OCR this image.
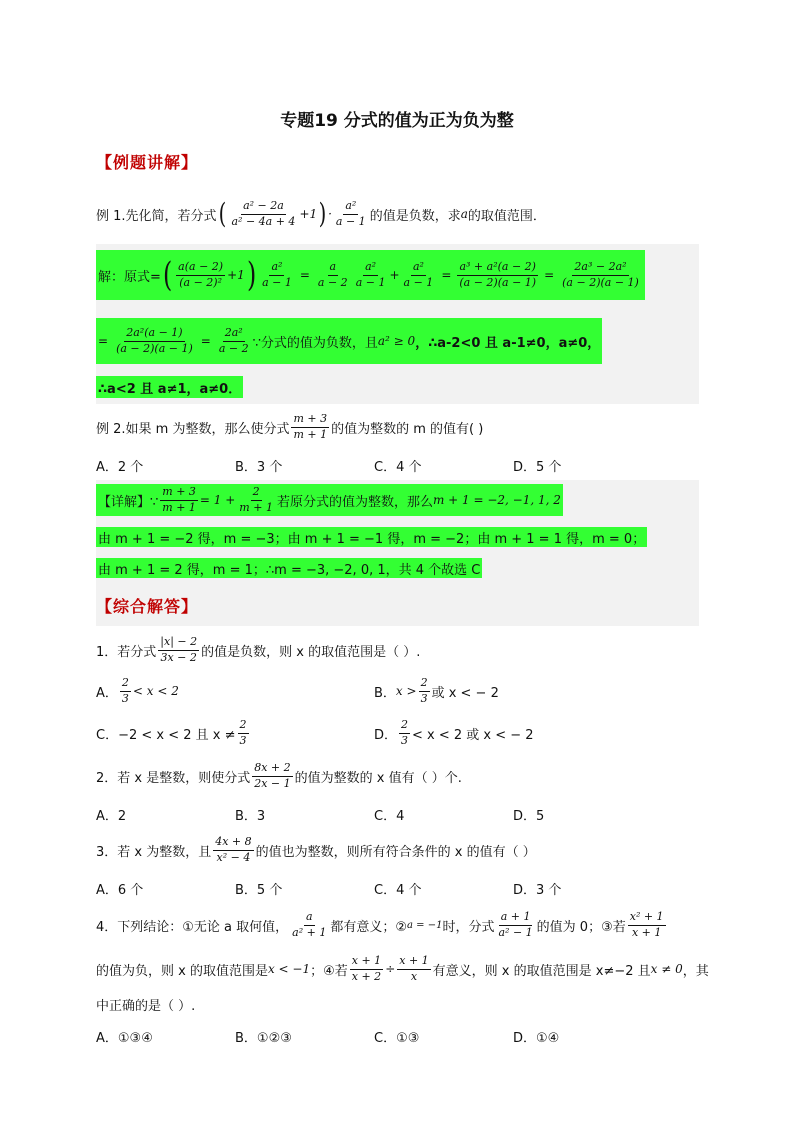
专题19 分式的值为正为负为整
【例题讲解】
例 1.先化简，若分式 ( $\frac{\text{a² − 2a}}{\text{a² − 4a + 4}} +1$ ) · $\frac{\text{a²}}{a - 1}$ 的值是负数，求 a 的取值范围．
解：原式= ( $\frac{a(a - 2)}{\text{(a − 2)²}} +1$ ) $\frac{\text{a²}}{a - 1} = \frac{a}{a - 2} \frac{\text{a²}}{a - 1} + \frac{\text{a²}}{a - 1} = \frac{\text{a³ + a²(a − 2)}}{(a - 2)(a - 1)} = \frac{\text{2a³ − 2a²}}{(a - 2)(a - 1)}$
= $\frac{\text{2a²(a − 1)}}{(a - 2)(a - 1)} = \frac{\text{2a²}}{a - 2}$ ∵分式的值为负数，且 a² ≥ 0 ，∴a-2<0 且 a-1≠0，a≠0，
∴a<2 且 a≠1，a≠0．
例 2.如果 m 为整数，那么使分式 $\frac{m + 3}{m + 1}$ 的值为整数的 m 的值有( )
A．2 个	B．3 个	C．4 个	D．5 个
【详解】∵ $\frac{m + 3}{m + 1} = 1 + \frac{2}{m + 1}$ 若原分式的值为整数，那么 m + 1 = −2, −1, 1, 2
由 m + 1 = −2 得，m = −3；由 m + 1 = −1 得，m = −2；由 m + 1 = 1 得，m = 0；
由 m + 1 = 2 得，m = 1；∴m = −3, −2, 0, 1，共 4 个故选 C
【综合解答】
1．若分式 $\frac{|x| - 2}{3x - 2}$ 的值是负数，则 x 的取值范围是（ ）.
A． $\frac{2}{3} < x < 2$	B． $x > \frac{2}{3}$ 或 x < − 2
C． −2 < x < 2 且 $x \ne \frac{2}{3}$	D． $\frac{2}{3} < x < 2$ 或 x < − 2
2．若 x 是整数，则使分式 $\frac{8x + 2}{2x - 1}$ 的值为整数的 x 值有（ ）个.
A．2	B．3	C．4	D．5
3．若 x 为整数，且 $\frac{4x + 8}{\text{x² − 4}}$ 的值也为整数，则所有符合条件的 x 的值有（ ）
A．6 个	B．5 个	C．4 个	D．3 个
4．下列结论：①无论 a 取何值， $\frac{a}{\text{a² + 1}}$ 都有意义；② a = −1 时，分式 $\frac{a + 1}{\text{a² − 1}}$ 的值为 0；③若 $\frac{\text{x² + 1}}{x + 1}$
的值为负，则 x 的取值范围是 x < −1 ；④若 $\frac{x + 1}{x + 2} \div \frac{x + 1}{x}$ 有意义，则 x 的取值范围是 x≠−2 且 x ≠ 0 ，其
中正确的是（ ）.
A．①③④	B．①②③	C．①③	D．①④
